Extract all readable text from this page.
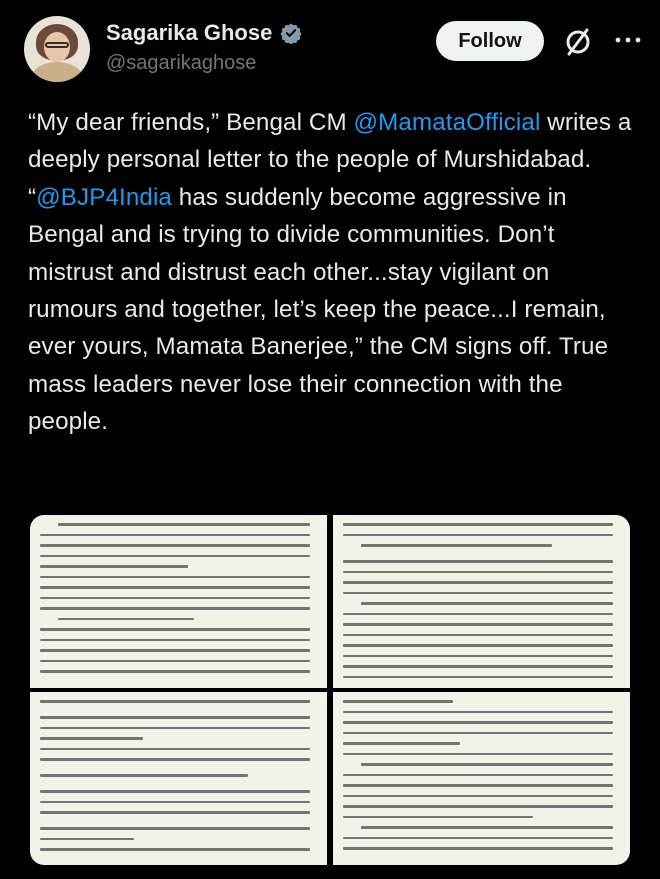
Sagarika Ghose
@sagarikaghose
Follow
“My dear friends,” Bengal CM @MamataOfficial writes a deeply personal letter to the people of Murshidabad. “@BJP4India has suddenly become aggressive in Bengal and is trying to divide communities. Don’t mistrust and distrust each other...stay vigilant on rumours and together, let’s keep the peace...I remain, ever yours, Mamata Banerjee,” the CM signs off. True mass leaders never lose their connection with the people.
